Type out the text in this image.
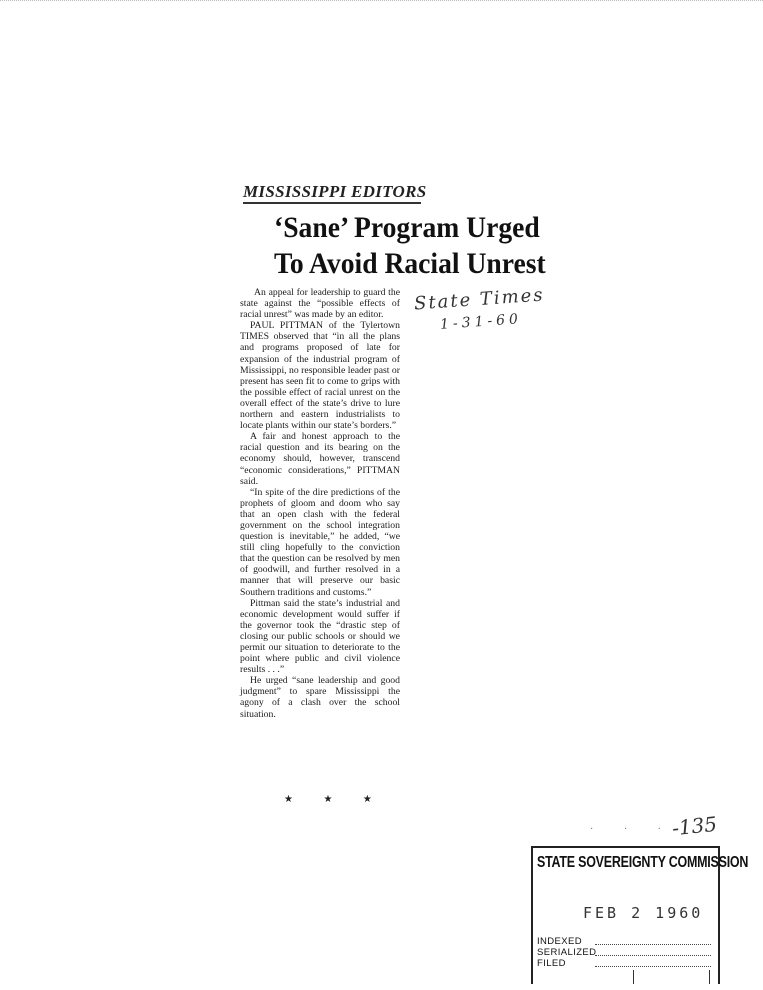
MISSISSIPPI EDITORS
‘Sane’ Program Urged
To Avoid Racial Unrest

An appeal for leadership to guard the state against the “possible effects of racial unrest” was made by an editor.

PAUL PITTMAN of the Tylertown TIMES observed that “in all the plans and programs proposed of late for expansion of the industrial program of Mississippi, no responsible leader past or present has seen fit to come to grips with the possible effect of racial unrest on the overall effect of the state’s drive to lure northern and eastern industrialists to locate plants within our state’s borders.”

A fair and honest approach to the racial question and its bearing on the economy should, however, transcend “economic considerations,” PITTMAN said.

“In spite of the dire predictions of the prophets of gloom and doom who say that an open clash with the federal government on the school integration question is inevitable,” he added, “we still cling hopefully to the conviction that the question can be resolved by men of goodwill, and further resolved in a manner that will preserve our basic Southern traditions and customs.”

Pittman said the state’s industrial and economic development would suffer if the governor took the “drastic step of closing our public schools or should we permit our situation to deteriorate to the point where public and civil violence results . . .”

He urged “sane leadership and good judgment” to spare Mississippi the agony of a clash over the school situation.

★ ★ ★
State Times
1-31-60
-135
· · ·
STATE SOVEREIGNTY COMMISSION
FEB 2 1960
INDEXED
SERIALIZED
FILED
